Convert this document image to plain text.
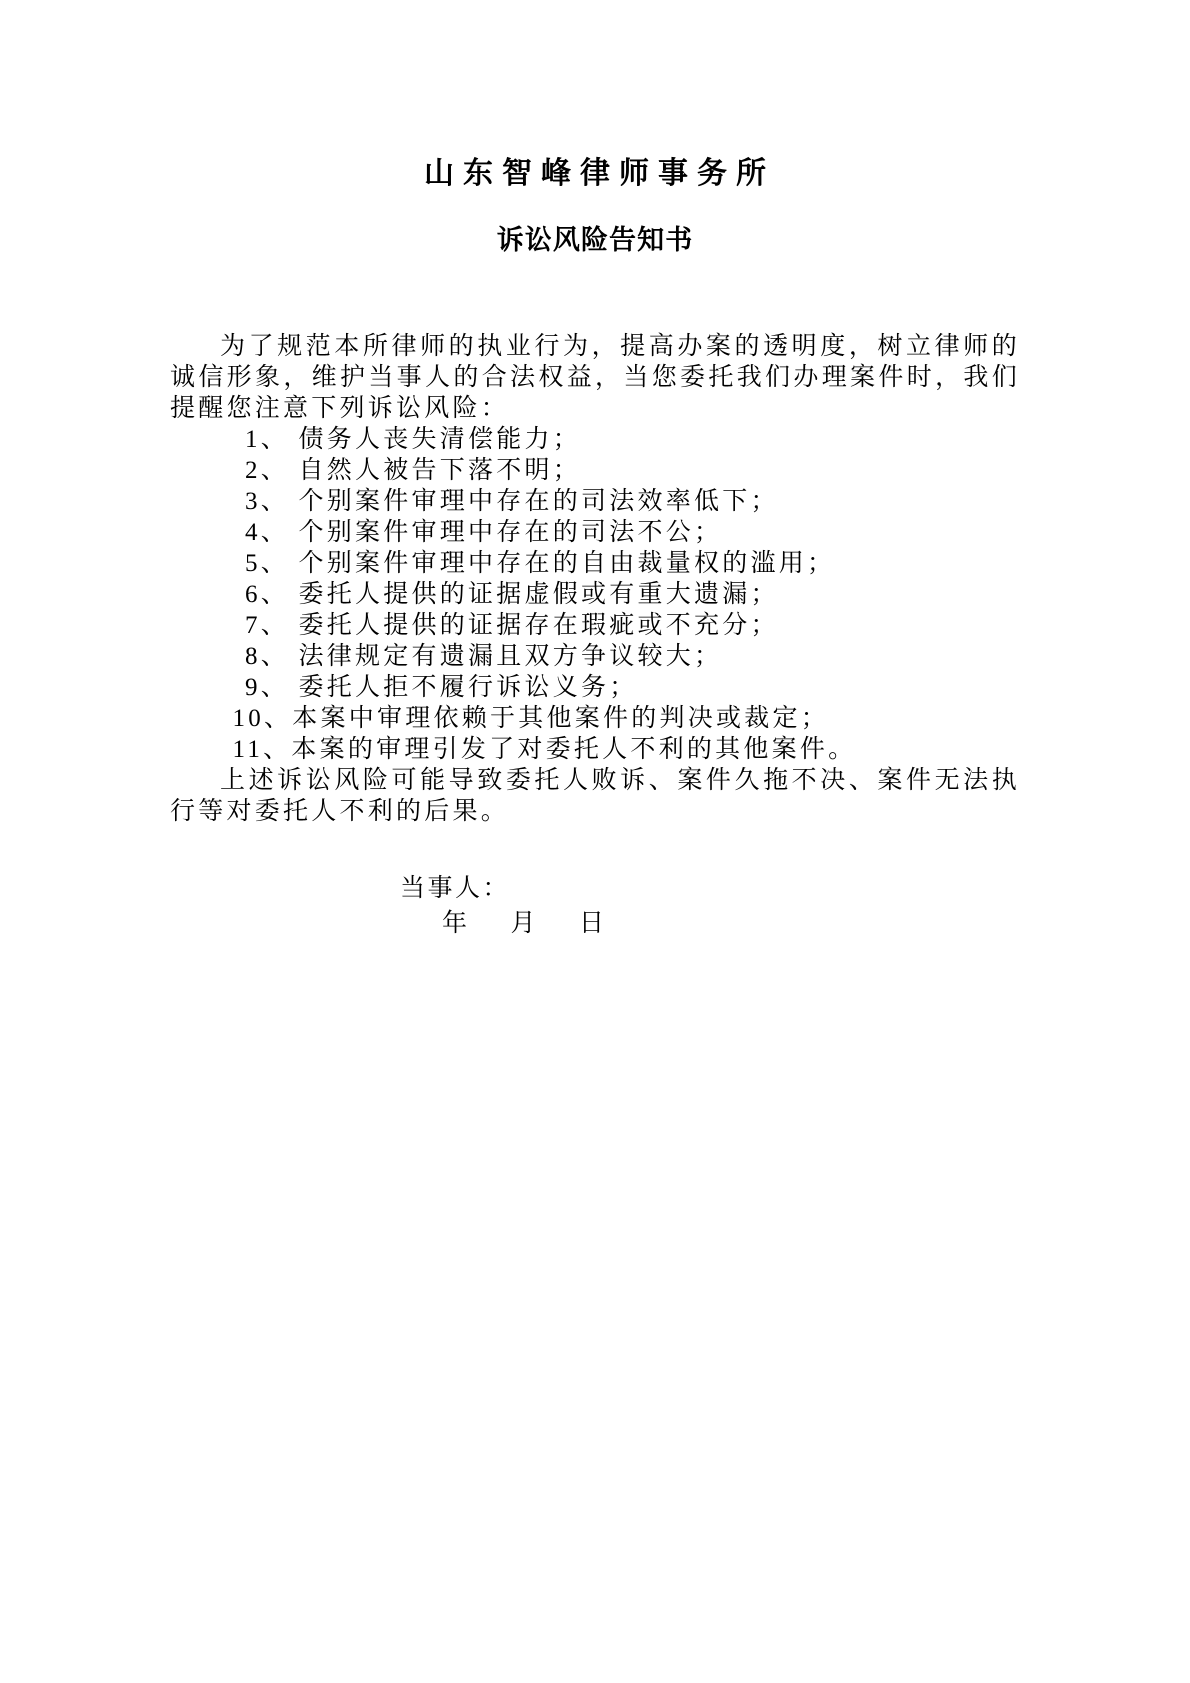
山东智峰律师事务所
诉讼风险告知书

为了规范本所律师的执业行为，提高办案的透明度，树立律师的诚信形象，维护当事人的合法权益，当您委托我们办理案件时，我们提醒您注意下列诉讼风险：

1、 债务人丧失清偿能力；
2、 自然人被告下落不明；
3、 个别案件审理中存在的司法效率低下；
4、 个别案件审理中存在的司法不公；
5、 个别案件审理中存在的自由裁量权的滥用；
6、 委托人提供的证据虚假或有重大遗漏；
7、 委托人提供的证据存在瑕疵或不充分；
8、 法律规定有遗漏且双方争议较大；
9、 委托人拒不履行诉讼义务；
10、本案中审理依赖于其他案件的判决或裁定；
11、本案的审理引发了对委托人不利的其他案件。

上述诉讼风险可能导致委托人败诉、案件久拖不决、案件无法执行等对委托人不利的后果。

当事人：
年 月 日
